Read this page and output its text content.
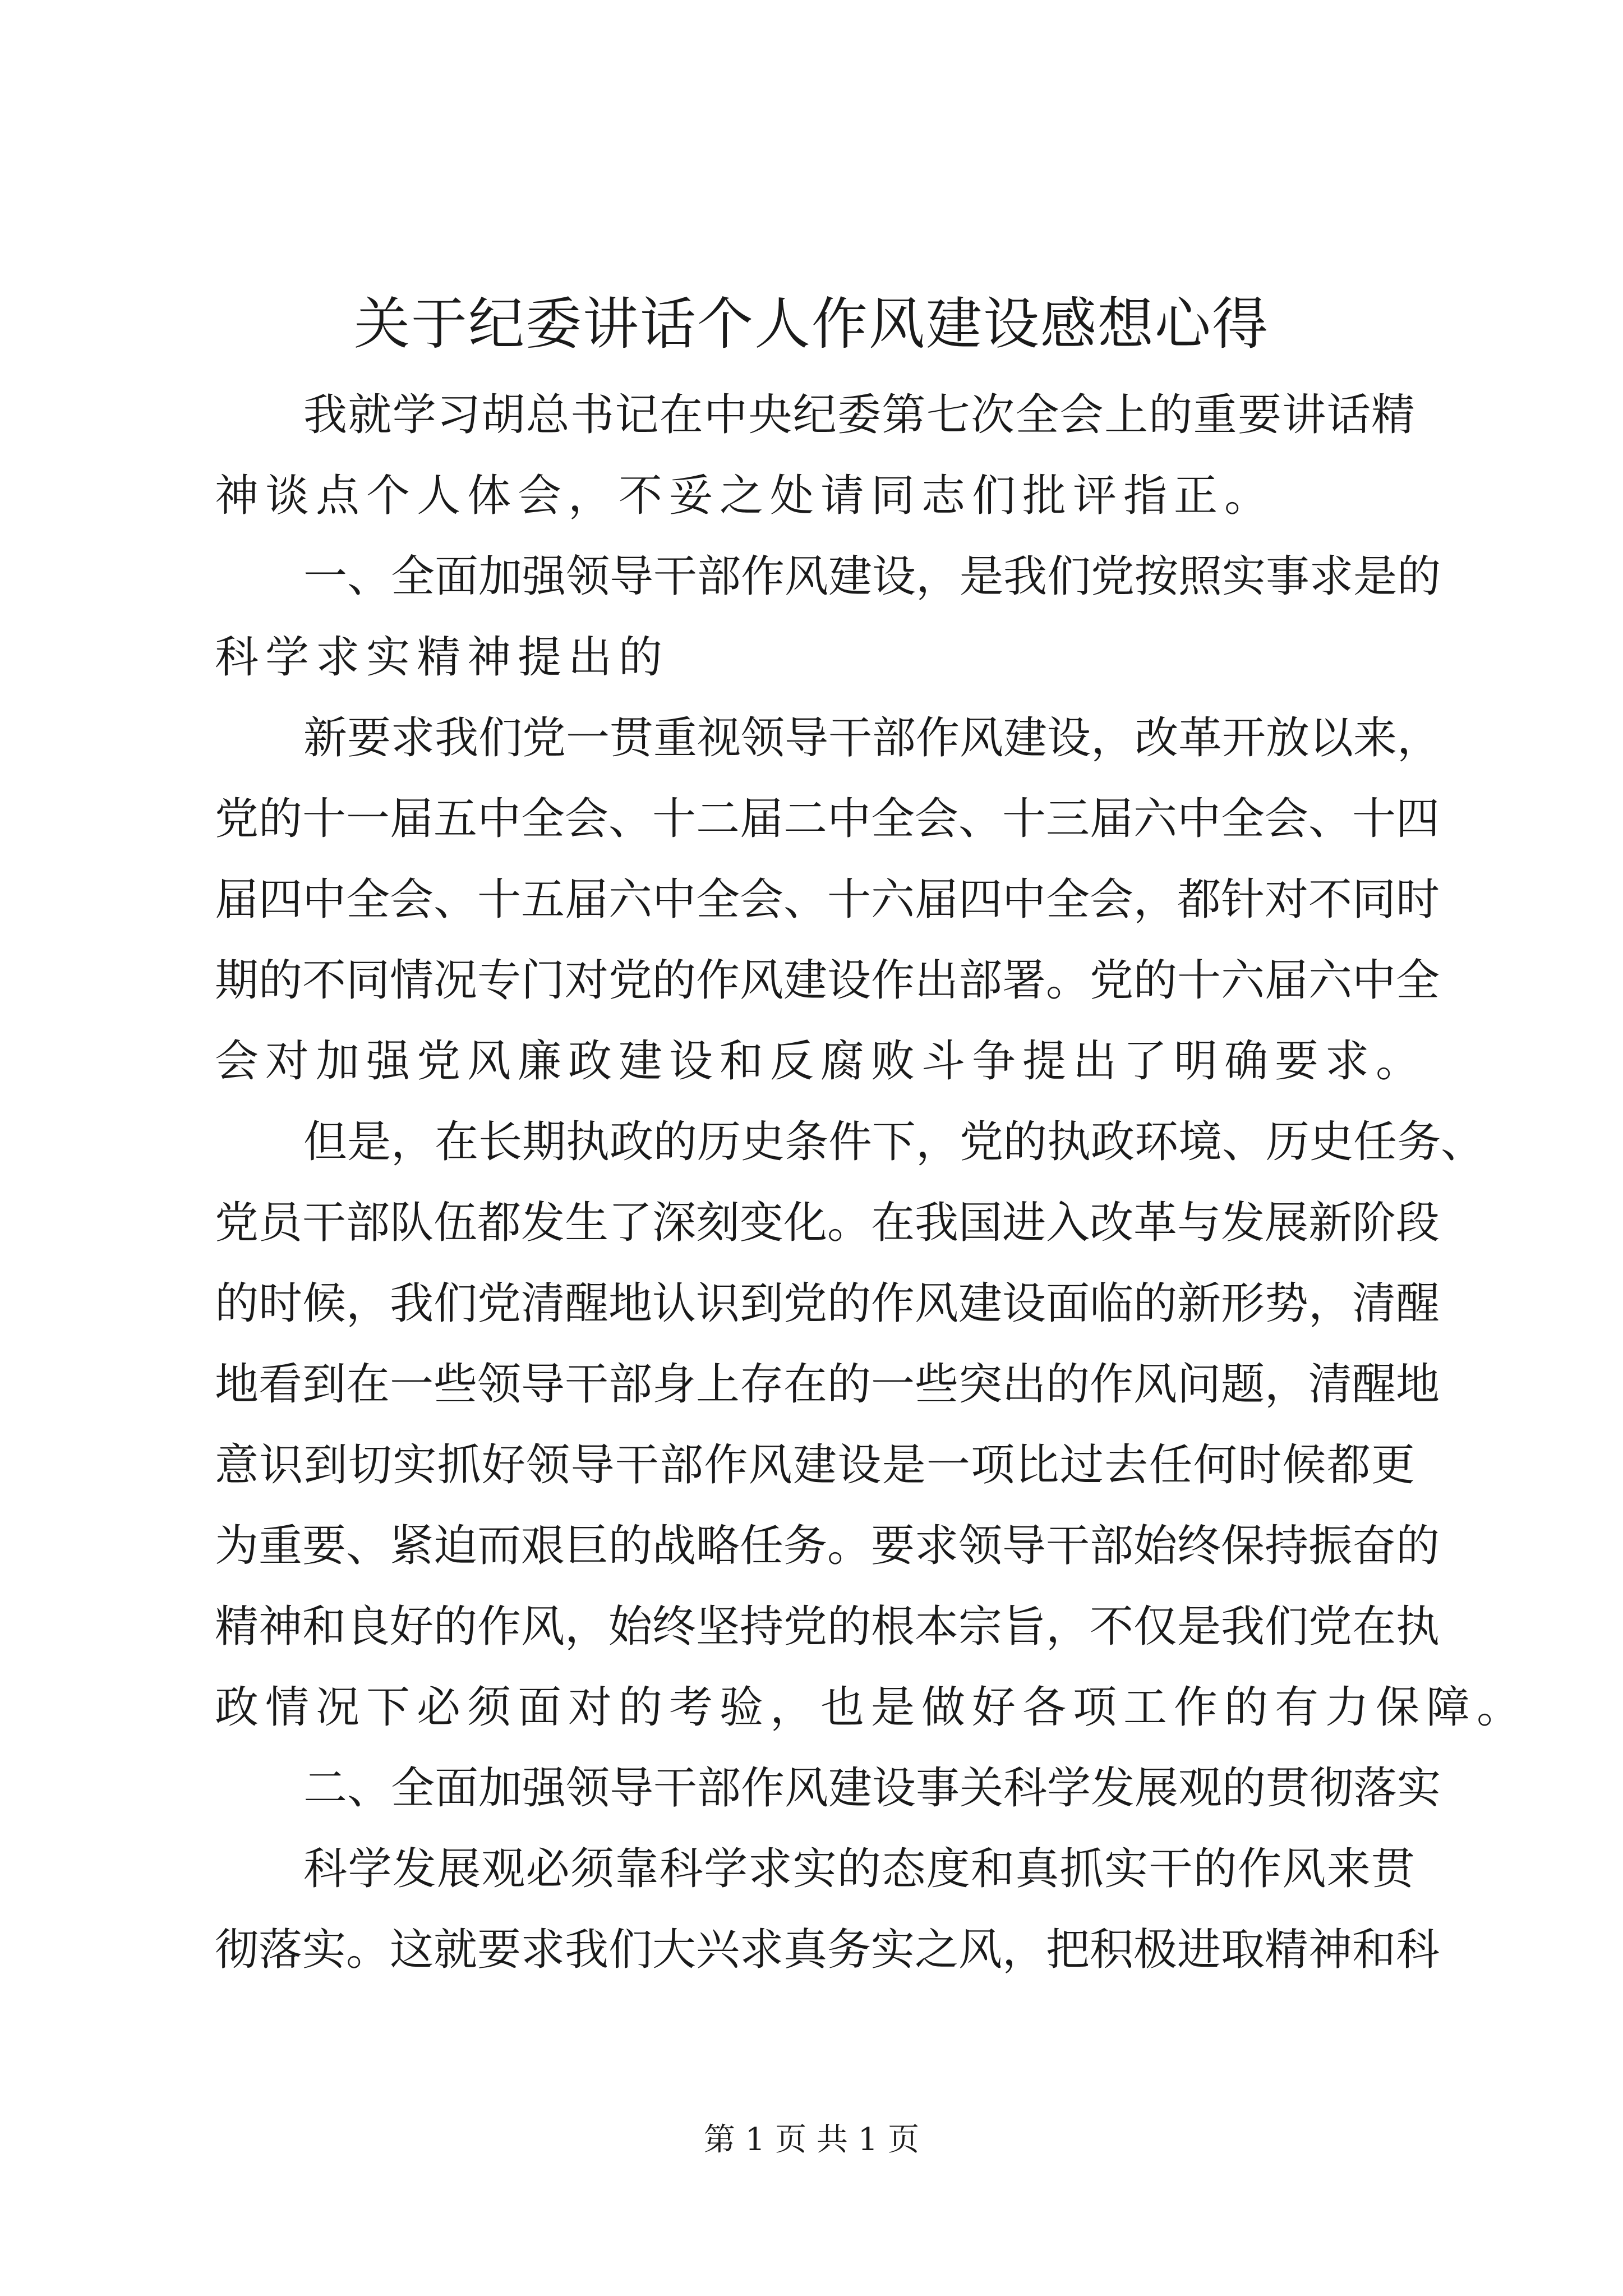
关于纪委讲话个人作风建设感想心得
我就学习胡总书记在中央纪委第七次全会上的重要讲话精
神谈点个人体会，不妥之处请同志们批评指正。
一、全面加强领导干部作风建设，是我们党按照实事求是的
科学求实精神提出的
新要求我们党一贯重视领导干部作风建设，改革开放以来，
党的十一届五中全会、十二届二中全会、十三届六中全会、十四
届四中全会、十五届六中全会、十六届四中全会，都针对不同时
期的不同情况专门对党的作风建设作出部署。党的十六届六中全
会对加强党风廉政建设和反腐败斗争提出了明确要求。
但是，在长期执政的历史条件下，党的执政环境、历史任务、
党员干部队伍都发生了深刻变化。在我国进入改革与发展新阶段
的时候，我们党清醒地认识到党的作风建设面临的新形势，清醒
地看到在一些领导干部身上存在的一些突出的作风问题，清醒地
意识到切实抓好领导干部作风建设是一项比过去任何时候都更
为重要、紧迫而艰巨的战略任务。要求领导干部始终保持振奋的
精神和良好的作风，始终坚持党的根本宗旨，不仅是我们党在执
政情况下必须面对的考验，也是做好各项工作的有力保障。
二、全面加强领导干部作风建设事关科学发展观的贯彻落实
科学发展观必须靠科学求实的态度和真抓实干的作风来贯
彻落实。这就要求我们大兴求真务实之风，把积极进取精神和科
第 1 页 共 1 页
